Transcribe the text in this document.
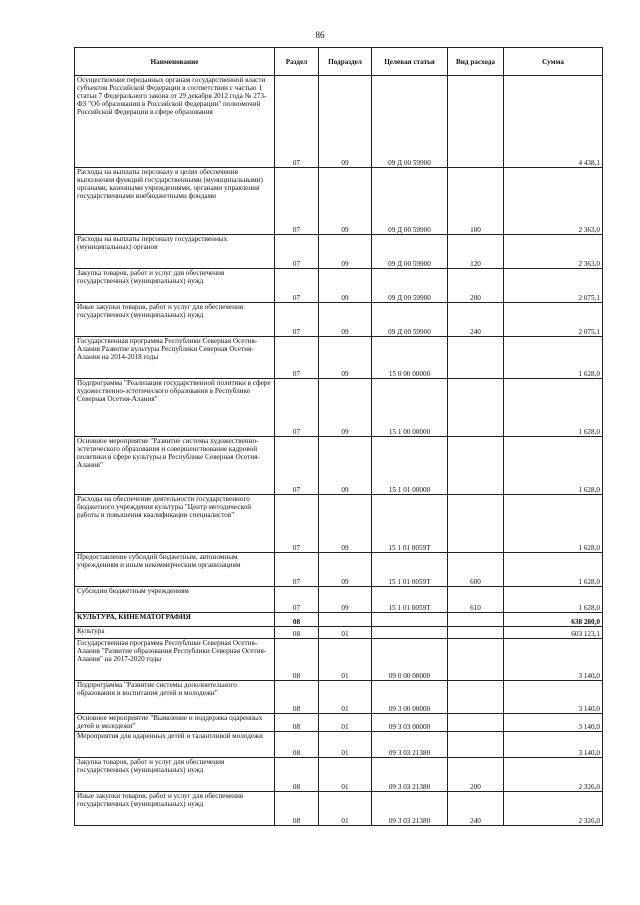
86
Наименование	Раздел	Подраздел	Целевая статья	Вид расхода	Сумма
Осуществление переданных органам государственной власти субъектов Российской Федерации в соответствии с частью 1 статьи 7 Федерального закона от 29 декабря 2012 года № 273-ФЗ "Об образовании в Российской Федерации" полномочий Российской Федерации в сфере образования	07	09	09 Д 00 59900		4 438,1
Расходы на выплаты персоналу в целях обеспечения выполнения функций государственными (муниципальными) органами, казенными учреждениями, органами управления государственными внебюджетными фондами	07	09	09 Д 00 59900	100	2 363,0
Расходы на выплаты персоналу государственных (муниципальных) органов	07	09	09 Д 00 59900	120	2 363,0
Закупка товаров, работ и услуг для обеспечения государственных (муниципальных) нужд	07	09	09 Д 00 59900	200	2 075,1
Иные закупки товаров, работ и услуг для обеспечения государственных (муниципальных) нужд	07	09	09 Д 00 59900	240	2 075,1
Государственная программа Республики Северная Осетия-Алания Развитие культуры Республики Северная Осетия-Алания на 2014-2018 годы	07	09	15 0 00 00000		1 628,0
Подпрограмма "Реализация государственной политики в сфере художественно-эстетического образования в Республике Северная Осетия-Алания"	07	09	15 1 00 00000		1 628,0
Основное мероприятие "Развитие системы художественно-эстетического образования и совершенствование кадровой политики в сфере культуры в Республике Северная Осетия-Алания"	07	09	15 1 01 00000		1 628,0
Расходы на обеспечение деятельности государственного бюджетного учреждения культуры "Центр методической работы и повышения квалификации специалистов"	07	09	15 1 01 0059Т		1 628,0
Предоставление субсидий бюджетным, автономным учреждениям и иным некоммерческим организациям	07	09	15 1 01 0059Т	600	1 628,0
Субсидии бюджетным учреждениям	07	09	15 1 01 0059Т	610	1 628,0
КУЛЬТУРА, КИНЕМАТОГРАФИЯ	08				638 280,0
Культура	08	01			603 123,1
Государственная программа Республики Северная Осетия-Алания "Развитие образования Республики Северная Осетия-Алания" на 2017-2020 годы	08	01	09 0 00 00000		3 140,0
Подпрограмма "Развитие системы дополнительного образования и воспитания детей и молодежи"	08	01	09 3 00 00000		3 140,0
Основное мероприятие "Выявление и поддержка одаренных детей и молодежи"	08	01	09 3 03 00000		3 140,0
Мероприятия для одаренных детей и талантливой молодежи	08	01	09 3 03 21380		3 140,0
Закупка товаров, работ и услуг для обеспечения государственных (муниципальных) нужд	08	01	09 3 03 21380	200	2 326,0
Иные закупки товаров, работ и услуг для обеспечения государственных (муниципальных) нужд	08	01	09 3 03 21380	240	2 326,0
